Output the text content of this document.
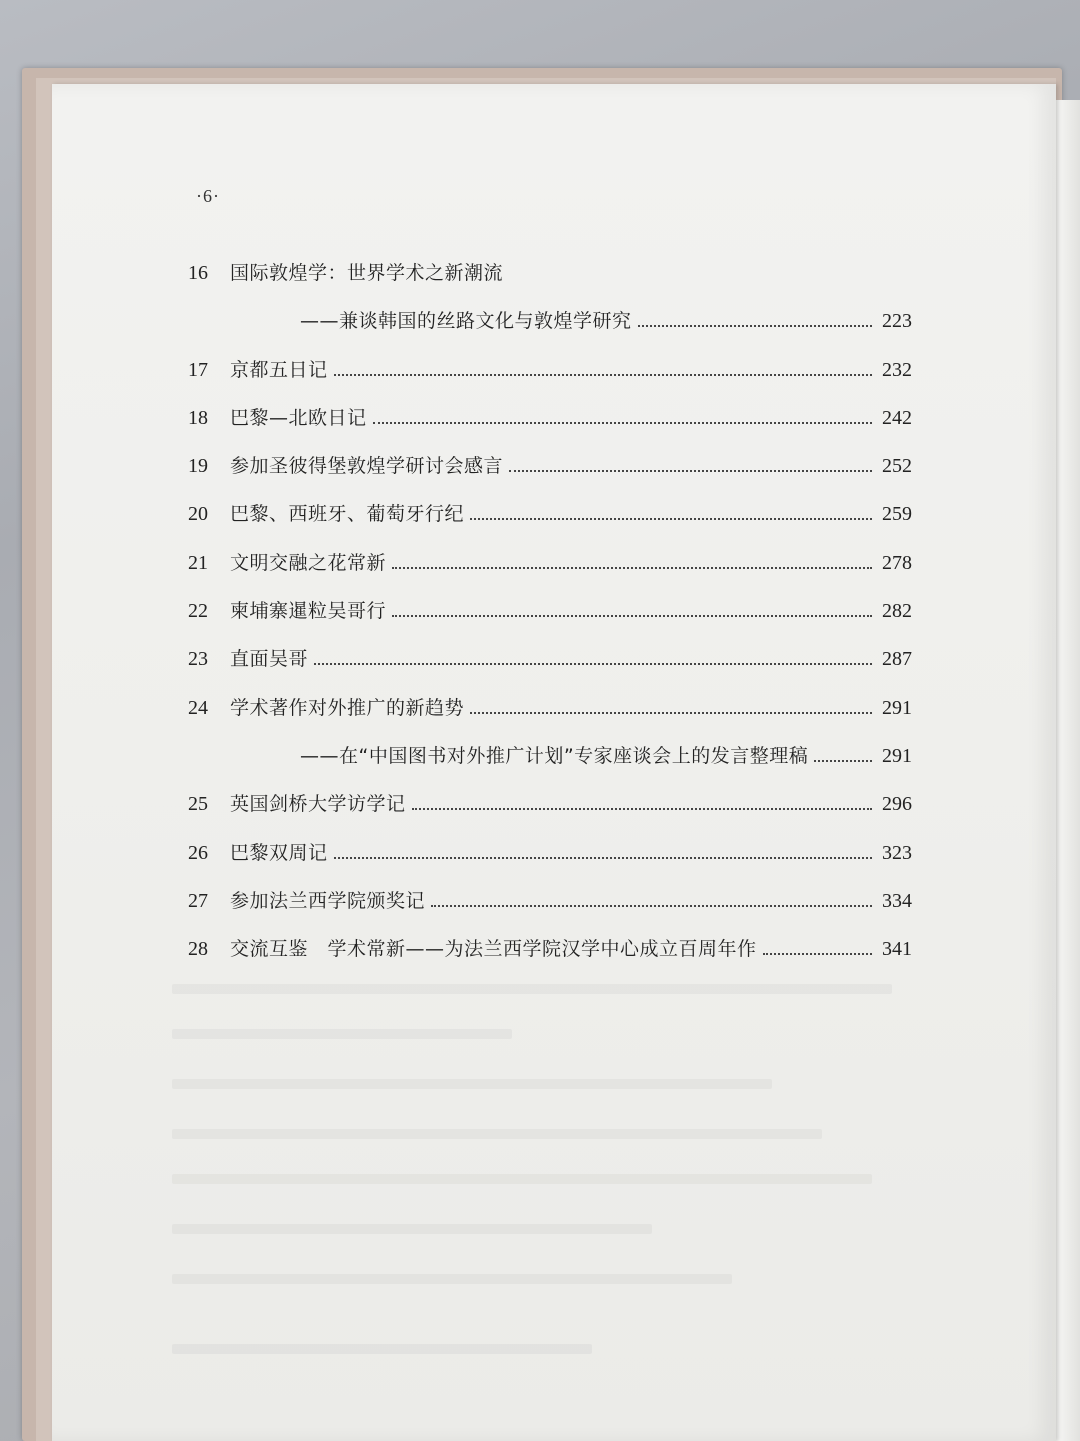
·6·
16	国际敦煌学：世界学术之新潮流
——兼谈韩国的丝路文化与敦煌学研究	223
17	京都五日记	232
18	巴黎—北欧日记	242
19	参加圣彼得堡敦煌学研讨会感言	252
20	巴黎、西班牙、葡萄牙行纪	259
21	文明交融之花常新	278
22	柬埔寨暹粒吴哥行	282
23	直面吴哥	287
24	学术著作对外推广的新趋势	291
——在“中国图书对外推广计划”专家座谈会上的发言整理稿	291
25	英国剑桥大学访学记	296
26	巴黎双周记	323
27	参加法兰西学院颁奖记	334
28	交流互鉴　学术常新——为法兰西学院汉学中心成立百周年作	341
